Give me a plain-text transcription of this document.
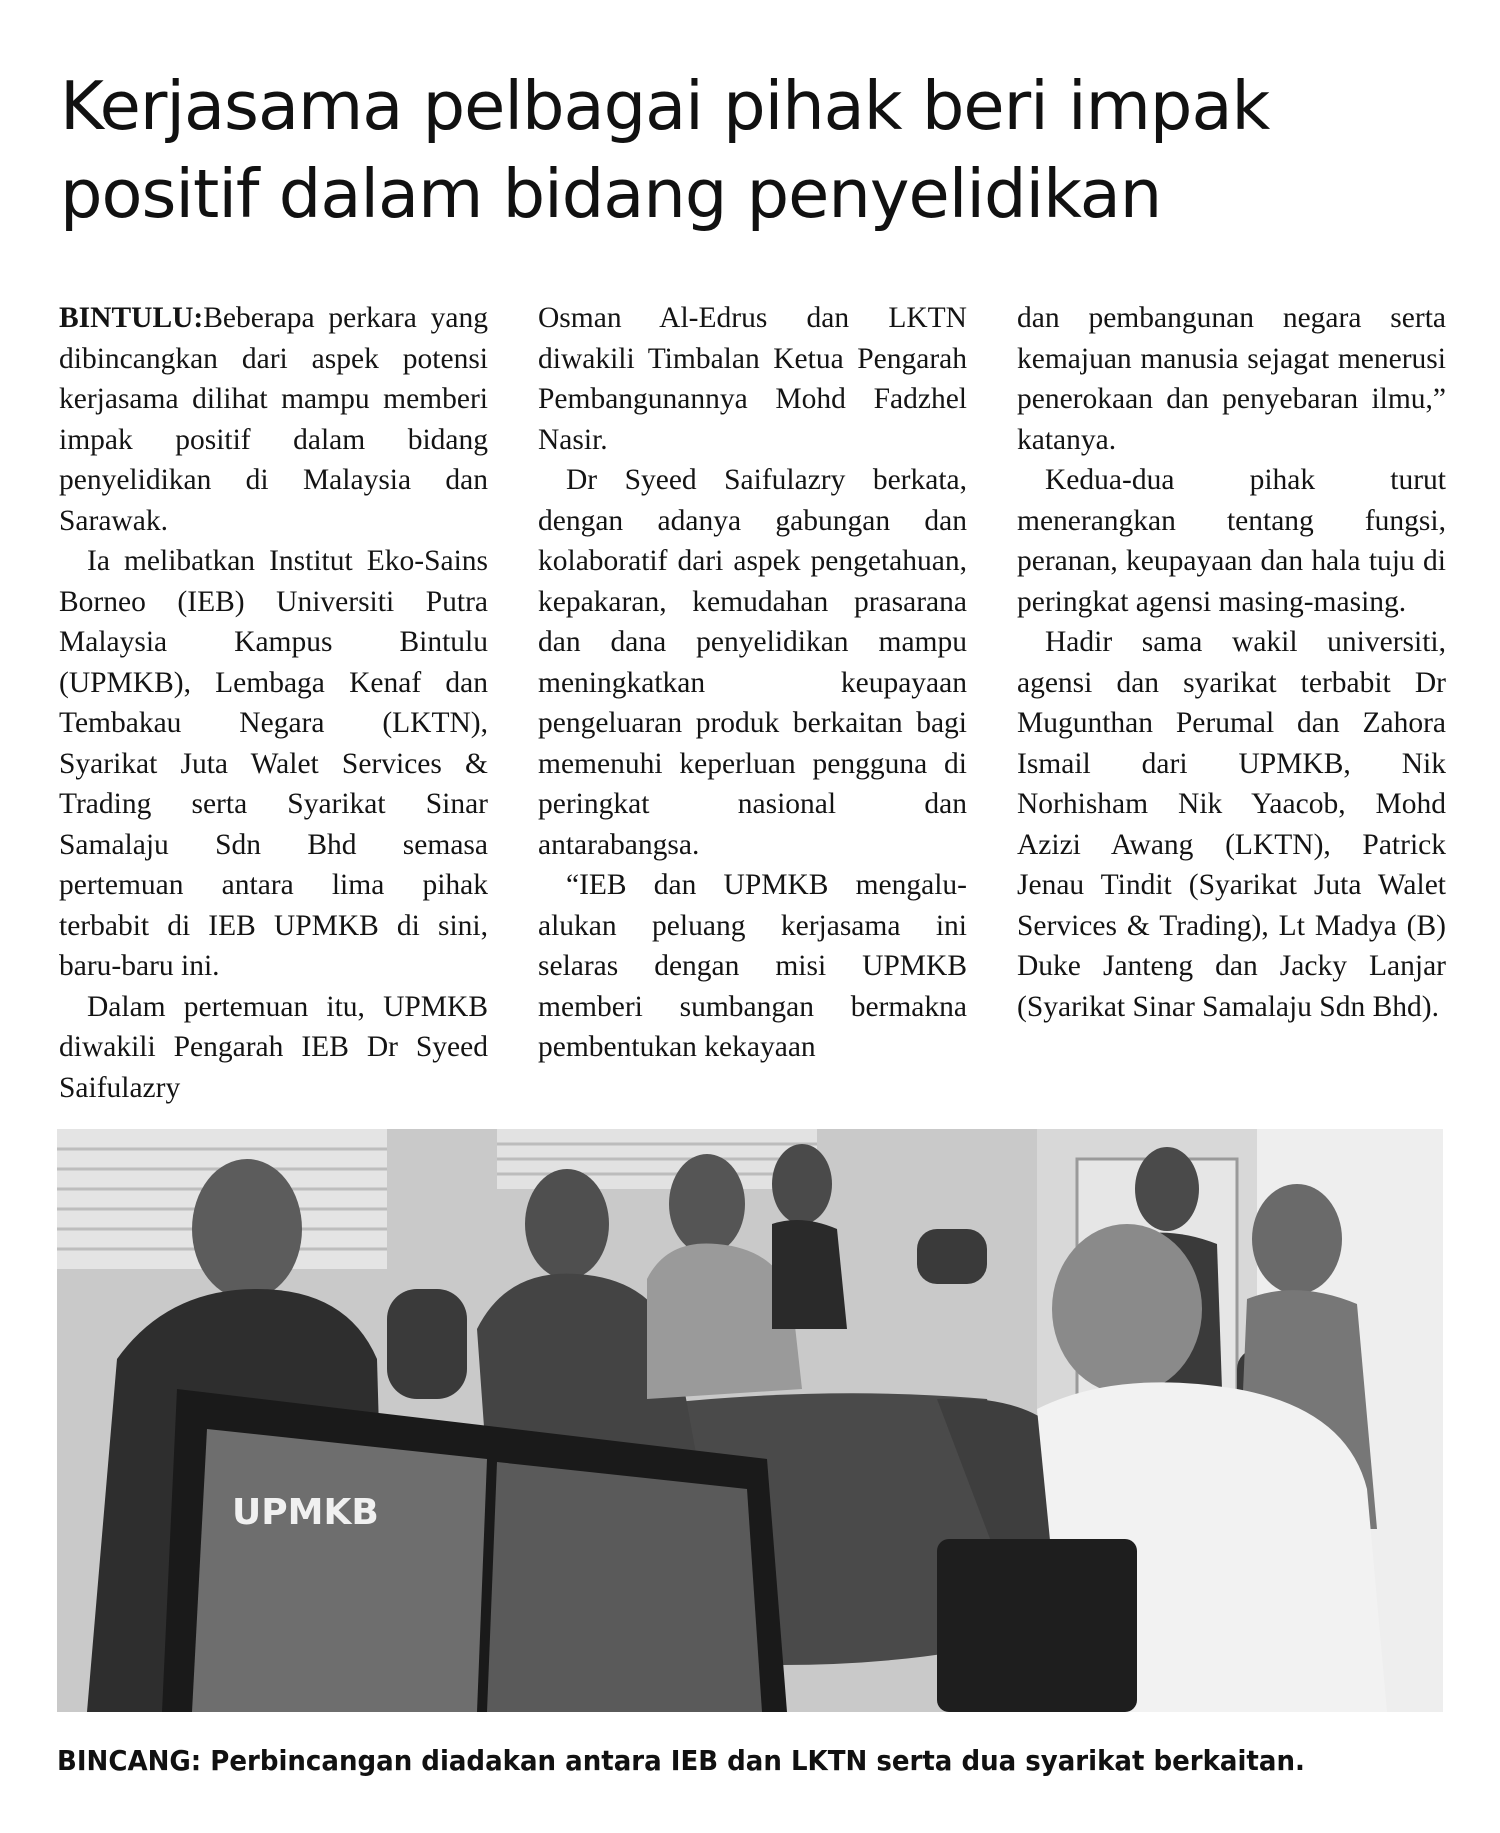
Kerjasama pelbagai pihak beri impak
positif dalam bidang penyelidikan

BINTULU:Beberapa perkara yang dibincangkan dari aspek potensi kerjasama dilihat mampu memberi impak positif dalam bidang penyelidikan di Malaysia dan Sarawak.

Ia melibatkan Institut Eko-Sains Borneo (IEB) Universiti Putra Malaysia Kampus Bintulu (UPMKB), Lembaga Kenaf dan Tembakau Negara (LKTN), Syarikat Juta Walet Services & Trading serta Syarikat Sinar Samalaju Sdn Bhd semasa pertemuan antara lima pihak terbabit di IEB UPMKB di sini, baru-baru ini.

Dalam pertemuan itu, UPMKB diwakili Pengarah IEB Dr Syeed Saifulazry

Osman Al-Edrus dan LKTN diwakili Timbalan Ketua Pengarah Pembangunannya Mohd Fadzhel Nasir.

Dr Syeed Saifulazry berkata, dengan adanya gabungan dan kolaboratif dari aspek pengetahuan, kepakaran, kemudahan prasarana dan dana penyelidikan mampu meningkatkan keupayaan pengeluaran produk berkaitan bagi memenuhi keperluan pengguna di peringkat nasional dan antarabangsa.

“IEB dan UPMKB mengalu-alukan peluang kerjasama ini selaras dengan misi UPMKB memberi sumbangan bermakna pembentukan kekayaan

dan pembangunan negara serta kemajuan manusia sejagat menerusi penerokaan dan penyebaran ilmu,” katanya.

Kedua-dua pihak turut menerangkan tentang fungsi, peranan, keupayaan dan hala tuju di peringkat agensi masing-masing.

Hadir sama wakil universiti, agensi dan syarikat terbabit Dr Mugunthan Perumal dan Zahora Ismail dari UPMKB, Nik Norhisham Nik Yaacob, Mohd Azizi Awang (LKTN), Patrick Jenau Tindit (Syarikat Juta Walet Services & Trading), Lt Madya (B) Duke Janteng dan Jacky Lanjar (Syarikat Sinar Samalaju Sdn Bhd).

UPMKB
BINCANG: Perbincangan diadakan antara IEB dan LKTN serta dua syarikat berkaitan.
